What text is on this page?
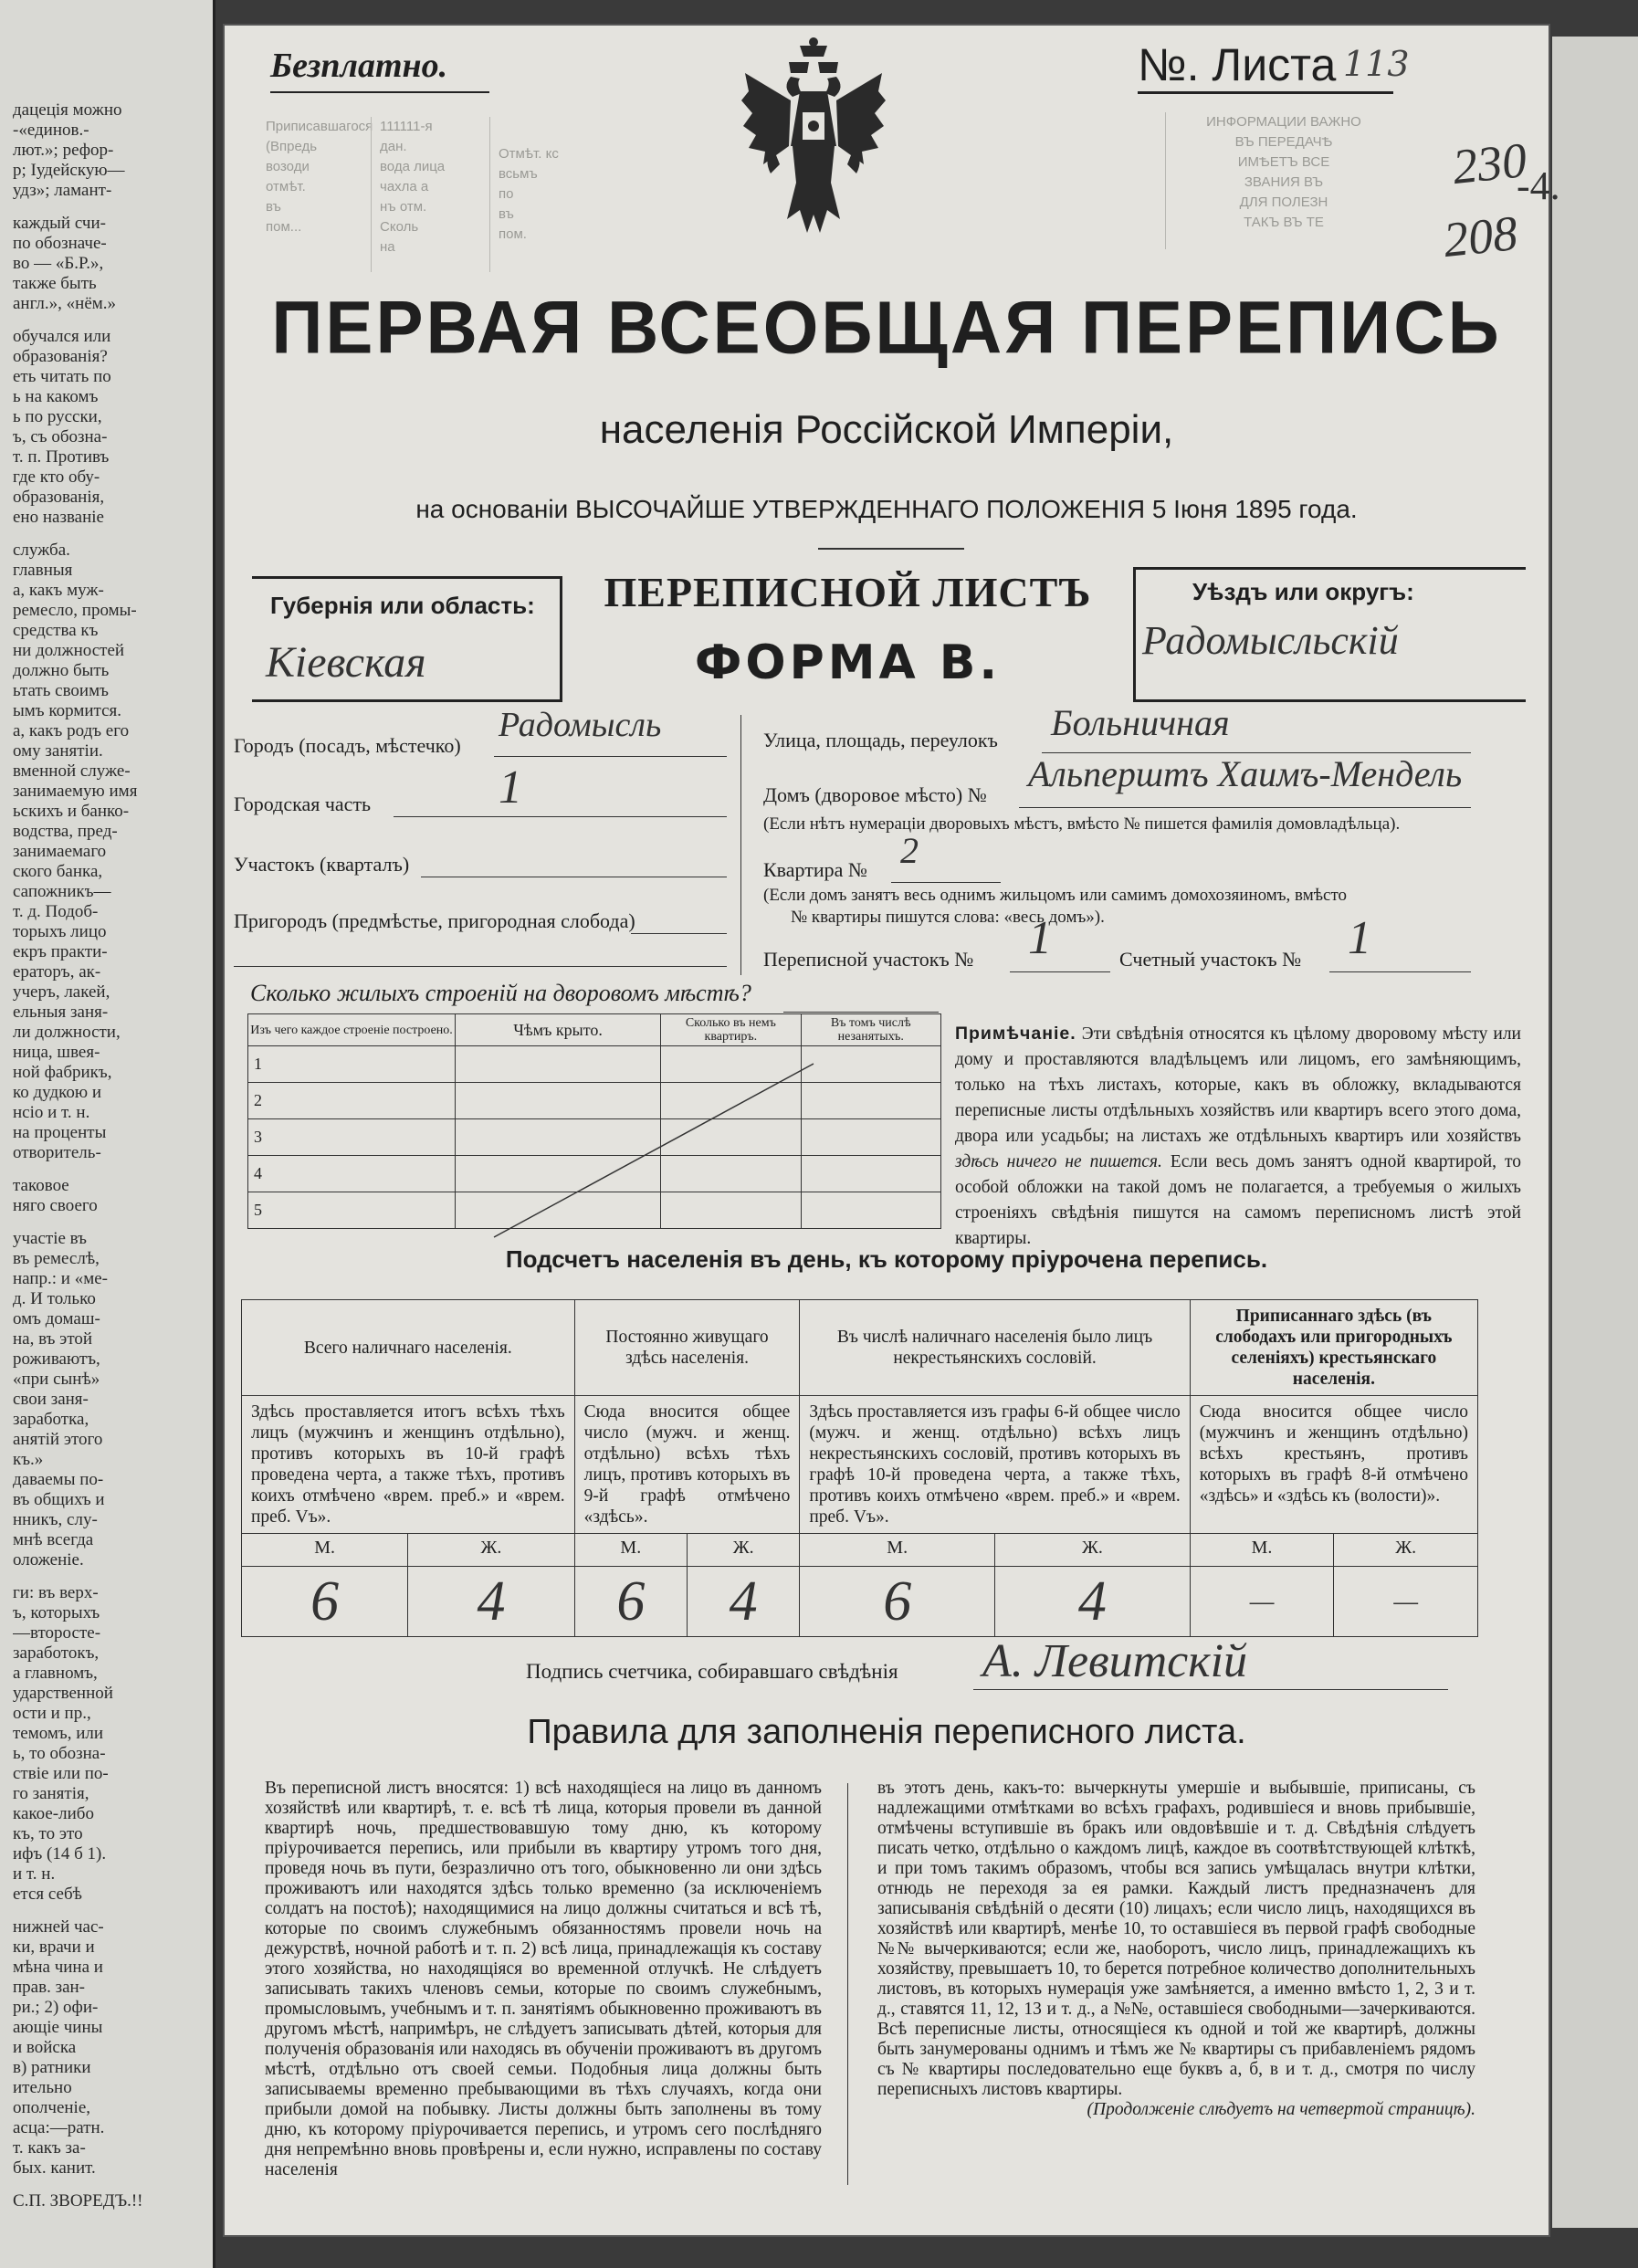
дацеція можно
-«единов.-
лют.»; рефор-
р; Іудейскую—
удз»; ламант-
каждый счи-
по обозначе-
во — «Б.Р.»,
также быть
англ.», «нём.»
обучался или
образованія?
еть читать по
ь на какомъ
ь по русски,
ъ, съ обозна-
т. п. Противъ
где кто обу-
образованія,
ено названіе
служба.
главныя
а, какъ муж-
ремесло, промы-
средства къ
ни должностей
должно быть
ьтать своимъ
ымъ кормится.
а, какъ родъ его
ому занятіи.
вменной служе-
занимаемую имя
ьскихъ и банко-
водства, пред-
занимаемаго
ского банка,
сапожникъ—
т. д. Подоб-
торыхъ лицо
екръ практи-
ераторъ, ак-
учеръ, лакей,
ельныя заня-
ли должности,
ница, швея-
ной фабрикъ,
ко дудкою и
нсіо и т. н.
на проценты
отворитель-
таковое
няго своего
участіе въ
въ ремеслѣ,
напр.: и «ме-
д. И только
омъ домаш-
на, въ этой
роживаютъ,
«при сынѣ»
свои заня-
заработка,
анятій этого
къ.»
даваемы по-
въ общихъ и
нникъ, слу-
мнѣ всегда
оложеніе.
ги: въ верх-
ъ, которыхъ
—второсте-
заработокъ,
а главномъ,
ударственной
ости и пр.,
темомъ, или
ь, то обозна-
ствіе или по-
го занятія,
какое-либо
къ, то это
ифъ (14 б 1).
и т. н.
ется себѣ
нижней час-
ки, врачи и
мѣна чина и
прав. зан-
ри.; 2) офи-
ающіе чины
и войска
в) ратники
ительно
ополченіе,
асца:—ратн.
т. какъ за-
бых. канит.
С.П. ЗВОРЕДЪ.!!
Безплатно.	№. Листа 113
Приписавшагося
(Впредь
возоди
отмѣт.
въ
пом...
111111-я дан.
вода лица
чахла а
нъ отм.
Сколь
на
Отмѣт. кс
всьмъ
по
въ
пом.
ИНФОРМАЦИИ ВАЖНО
ВЪ ПЕРЕДАЧѢ
ИМѢЕТЪ ВСЕ
ЗВАНИЯ ВЪ
ДЛЯ ПОЛЕЗН
ТАКЪ ВЪ ТЕ
230
208
-4.
ПЕРВАЯ ВСЕОБЩАЯ ПЕРЕПИСЬ
населенія Россійской Имперіи,
на основаніи ВЫСОЧАЙШЕ УТВЕРЖДЕННАГО ПОЛОЖЕНІЯ 5 Іюня 1895 года.
Губернія или область:
Кіевская
ПЕРЕПИСНОЙ ЛИСТЪ
ФОРМА В.
Уѣздъ или округъ:
Радомысльскій
Городъ (посадъ, мѣстечко)
Радомысль
Городская часть	1
Участокъ (кварталъ)
Пригородъ (предмѣстье, пригородная слобода)
Улица, площадь, переулокъ Больничная
Домъ (дворовое мѣсто) №
Альперштъ Хаимъ-Мендель
(Если нѣтъ нумераціи дворовыхъ мѣстъ, вмѣсто № пишется фамилія домовладѣльца).
Квартира № 2
(Если домъ занятъ весь однимъ жильцомъ или самимъ домохозяиномъ, вмѣсто
№ квартиры пишутся слова: «весь домъ»).
Переписной участокъ № 1	Счетный участокъ № 1
Сколько жилыхъ строеній на дворовомъ мѣстѣ?
Изъ чего каждое строеніе построено.	Чѣмъ крыто.	Сколько въ немъ квартиръ.	Въ томъ числѣ незанятыхъ.
1			
2			
3			
4			
5			
Примѣчаніе. Эти свѣдѣнія относятся къ цѣлому дворовому мѣсту или дому и проставляются владѣльцемъ или лицомъ, его замѣняющимъ, только на тѣхъ листахъ, которые, какъ въ обложку, вкладываются переписные листы отдѣльныхъ хозяйствъ или квартиръ всего этого дома, двора или усадьбы; на листахъ же отдѣльныхъ квартиръ или хозяйствъ здѣсь ничего не пишется. Если весь домъ занятъ одной квартирой, то особой обложки на такой домъ не полагается, а требуемыя о жилыхъ строеніяхъ свѣдѣнія пишутся на самомъ переписномъ листѣ этой квартиры.
Подсчетъ населенія въ день, къ которому пріурочена перепись.
Всего наличнаго населенія.		Постоянно живущаго здѣсь населенія.		Въ числѣ наличнаго населенія было лицъ некрестьянскихъ сословій.		Приписаннаго здѣсь (въ слободахъ или пригородныхъ селеніяхъ) крестьянскаго населенія.	
Здѣсь проставляется итогъ всѣхъ тѣхъ лицъ (мужчинъ и женщинъ отдѣльно), противъ которыхъ въ 10-й графѣ проведена черта, а также тѣхъ, противъ коихъ отмѣчено «врем. преб.» и «врем. преб. Vъ».		Сюда вносится общее число (мужч. и женщ. отдѣльно) всѣхъ тѣхъ лицъ, противъ которыхъ въ 9-й графѣ отмѣчено «здѣсь».		Здѣсь проставляется изъ графы 6-й общее число (мужч. и женщ. отдѣльно) всѣхъ лицъ некрестьянскихъ сословій, противъ которыхъ въ графѣ 10-й проведена черта, а также тѣхъ, противъ коихъ отмѣчено «врем. преб.» и «врем. преб. Vъ».		Сюда вносится общее число (мужчинъ и женщинъ отдѣльно) всѣхъ крестьянъ, противъ которыхъ въ графѣ 8-й отмѣчено «здѣсь» и «здѣсь къ (волости)».	
М.	Ж.	М.	Ж.	М.	Ж.	М.	Ж.
6	4	6	4	6	4	—	—
Подпись счетчика, собиравшаго свѣдѣнія А. Левитскій
Правила для заполненія переписного листа.
Въ переписной листъ вносятся: 1) всѣ находящіеся на лицо въ данномъ хозяйствѣ или квартирѣ, т. е. всѣ тѣ лица, которыя провели въ данной квартирѣ ночь, предшествовавшую тому дню, къ которому пріурочивается перепись, или прибыли въ квартиру утромъ того дня, проведя ночь въ пути, безразлично отъ того, обыкновенно ли они здѣсь проживаютъ или находятся здѣсь только временно (за исключеніемъ солдатъ на постоѣ); находящимися на лицо должны считаться и всѣ тѣ, которые по своимъ служебнымъ обязанностямъ провели ночь на дежурствѣ, ночной работѣ и т. п. 2) всѣ лица, принадлежащія къ составу этого хозяйства, но находящіяся во временной отлучкѣ. Не слѣдуетъ записывать такихъ членовъ семьи, которые по своимъ служебнымъ, промысловымъ, учебнымъ и т. п. занятіямъ обыкновенно проживаютъ въ другомъ мѣстѣ, напримѣръ, не слѣдуетъ записывать дѣтей, которыя для полученія образованія или находясь въ обученіи проживаютъ въ другомъ мѣстѣ, отдѣльно отъ своей семьи. Подобныя лица должны быть записываемы временно пребывающими въ тѣхъ случаяхъ, когда они прибыли домой на побывку. Листы должны быть заполнены въ тому дню, къ которому пріурочивается перепись, и утромъ сего послѣдняго дня непремѣнно вновь провѣрены и, если нужно, исправлены по составу населенія
въ этотъ день, какъ-то: вычеркнуты умершіе и выбывшіе, приписаны, съ надлежащими отмѣтками во всѣхъ графахъ, родившіеся и вновь прибывшіе, отмѣчены вступившіе въ бракъ или овдовѣвшіе и т. д. Свѣдѣнія слѣдуетъ писать четко, отдѣльно о каждомъ лицѣ, каждое въ соотвѣтствующей клѣткѣ, и при томъ такимъ образомъ, чтобы вся запись умѣщалась внутри клѣтки, отнюдь не переходя за ея рамки. Каждый листъ предназначенъ для записыванія свѣдѣній о десяти (10) лицахъ; если число лицъ, находящихся въ хозяйствѣ или квартирѣ, менѣе 10, то оставшіеся въ первой графѣ свободные №№ вычеркиваются; если же, наоборотъ, число лицъ, принадлежащихъ къ хозяйству, превышаетъ 10, то берется потребное количество дополнительныхъ листовъ, въ которыхъ нумерація уже замѣняется, а именно вмѣсто 1, 2, 3 и т. д., ставятся 11, 12, 13 и т. д., а №№, оставшіеся свободными—зачеркиваются. Всѣ переписные листы, относящіеся къ одной и той же квартирѣ, должны быть занумерованы однимъ и тѣмъ же № квартиры съ прибавленіемъ рядомъ съ № квартиры последовательно еще буквъ а, б, в и т. д., смотря по числу переписныхъ листовъ квартиры.
(Продолженіе слѣдуетъ на четвертой страницѣ).
